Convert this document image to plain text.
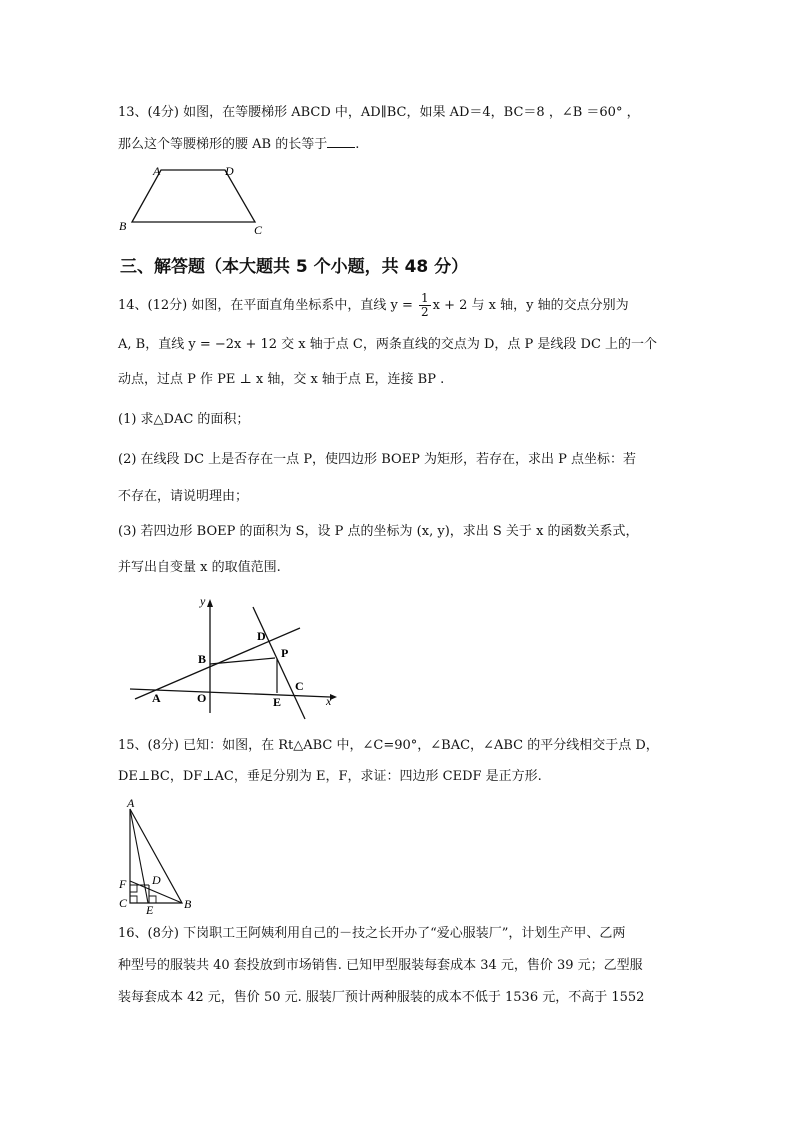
13、(4分) 如图，在等腰梯形 ABCD 中，AD∥BC，如果 AD＝4，BC＝8 ，∠B ＝60° ，
那么这个等腰梯形的腰 AB 的长等于 .
A	D
B	C
三、解答题（本大题共 5 个小题，共 48 分）
14、(12分) 如图，在平面直角坐标系中，直线 $y = \frac{1}{2}$ x + 2 与 x 轴，y 轴的交点分别为
A, B，直线 y = −2x + 12 交 x 轴于点 C，两条直线的交点为 D，点 P 是线段 DC 上的一个
动点，过点 P 作 PE ⊥ x 轴，交 x 轴于点 E，连接 BP .
(1) 求△DAC 的面积；
(2) 在线段 DC 上是否存在一点 P，使四边形 BOEP 为矩形，若存在，求出 P 点坐标：若
不存在，请说明理由；
(3) 若四边形 BOEP 的面积为 S，设 P 点的坐标为 (x, y)，求出 S 关于 x 的函数关系式，
并写出自变量 x 的取值范围.
y
D
P
B
A	O	E
C
x
15、(8分) 已知：如图，在 Rt△ABC 中，∠C=90°，∠BAC，∠ABC 的平分线相交于点 D，
DE⊥BC，DF⊥AC，垂足分别为 E，F，求证：四边形 CEDF 是正方形.
A
F D
C E	B
16、(8分) 下岗职工王阿姨利用自己的－技之长开办了“爱心服装厂”，计划生产甲、乙两
种型号的服装共 40 套投放到市场销售. 已知甲型服装每套成本 34 元，售价 39 元；乙型服
装每套成本 42 元，售价 50 元. 服装厂预计两种服装的成本不低于 1536 元，不高于 1552
